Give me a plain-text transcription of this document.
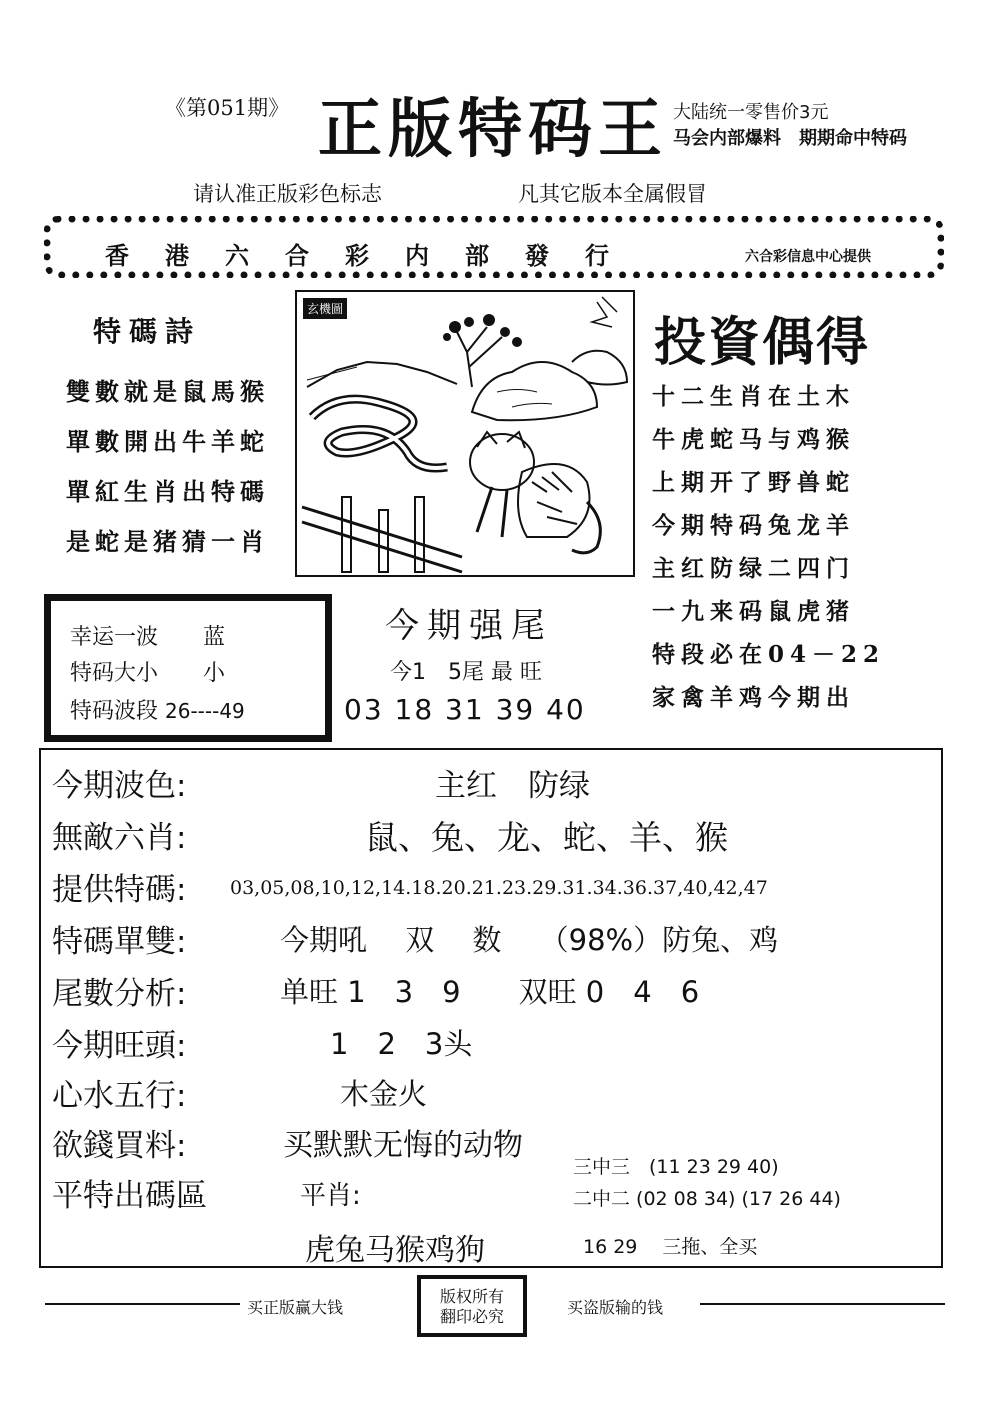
《第051期》 正版特码王 大陆统一零售价3元
马会内部爆料　期期命中特码
请认准正版彩色标志	凡其它版本全属假冒
香港六合彩内部發行	六合彩信息中心提供
特碼詩
雙數就是鼠馬猴
單數開出牛羊蛇
單紅生肖出特碼
是蛇是猪猜一肖
玄機圖
投資偶得
十二生肖在土木
牛虎蛇马与鸡猴
上期开了野兽蛇
今期特码兔龙羊
主红防绿二四门
一九来码鼠虎猪
特段必在04－22
家禽羊鸡今期出
幸运一波 蓝
特码大小 小
特码波段 26----49
今期强尾
今1　5尾 最 旺
03 18 31 39 40
今期波色:	主红　防绿
無敵六肖:	鼠、兔、龙、蛇、羊、猴
提供特碼: 03,05,08,10,12,14.18.20.21.23.29.31.34.36.37,40,42,47
特碼單雙:	今期吼　 双　 数　 （98%）防兔、鸡
尾數分析:	单旺 1　3　9　　双旺 0　4　6
今期旺頭:	1　2　3头
心水五行:	木金火
欲錢買料:	买默默无悔的动物
平特出碼區	平肖:
虎兔马猴鸡狗
三中三　(11 23 29 40)
二中二 (02 08 34) (17 26 44)
16 29　 三拖、全买
买正版赢大钱
版权所有
翻印必究	买盗版输的钱
